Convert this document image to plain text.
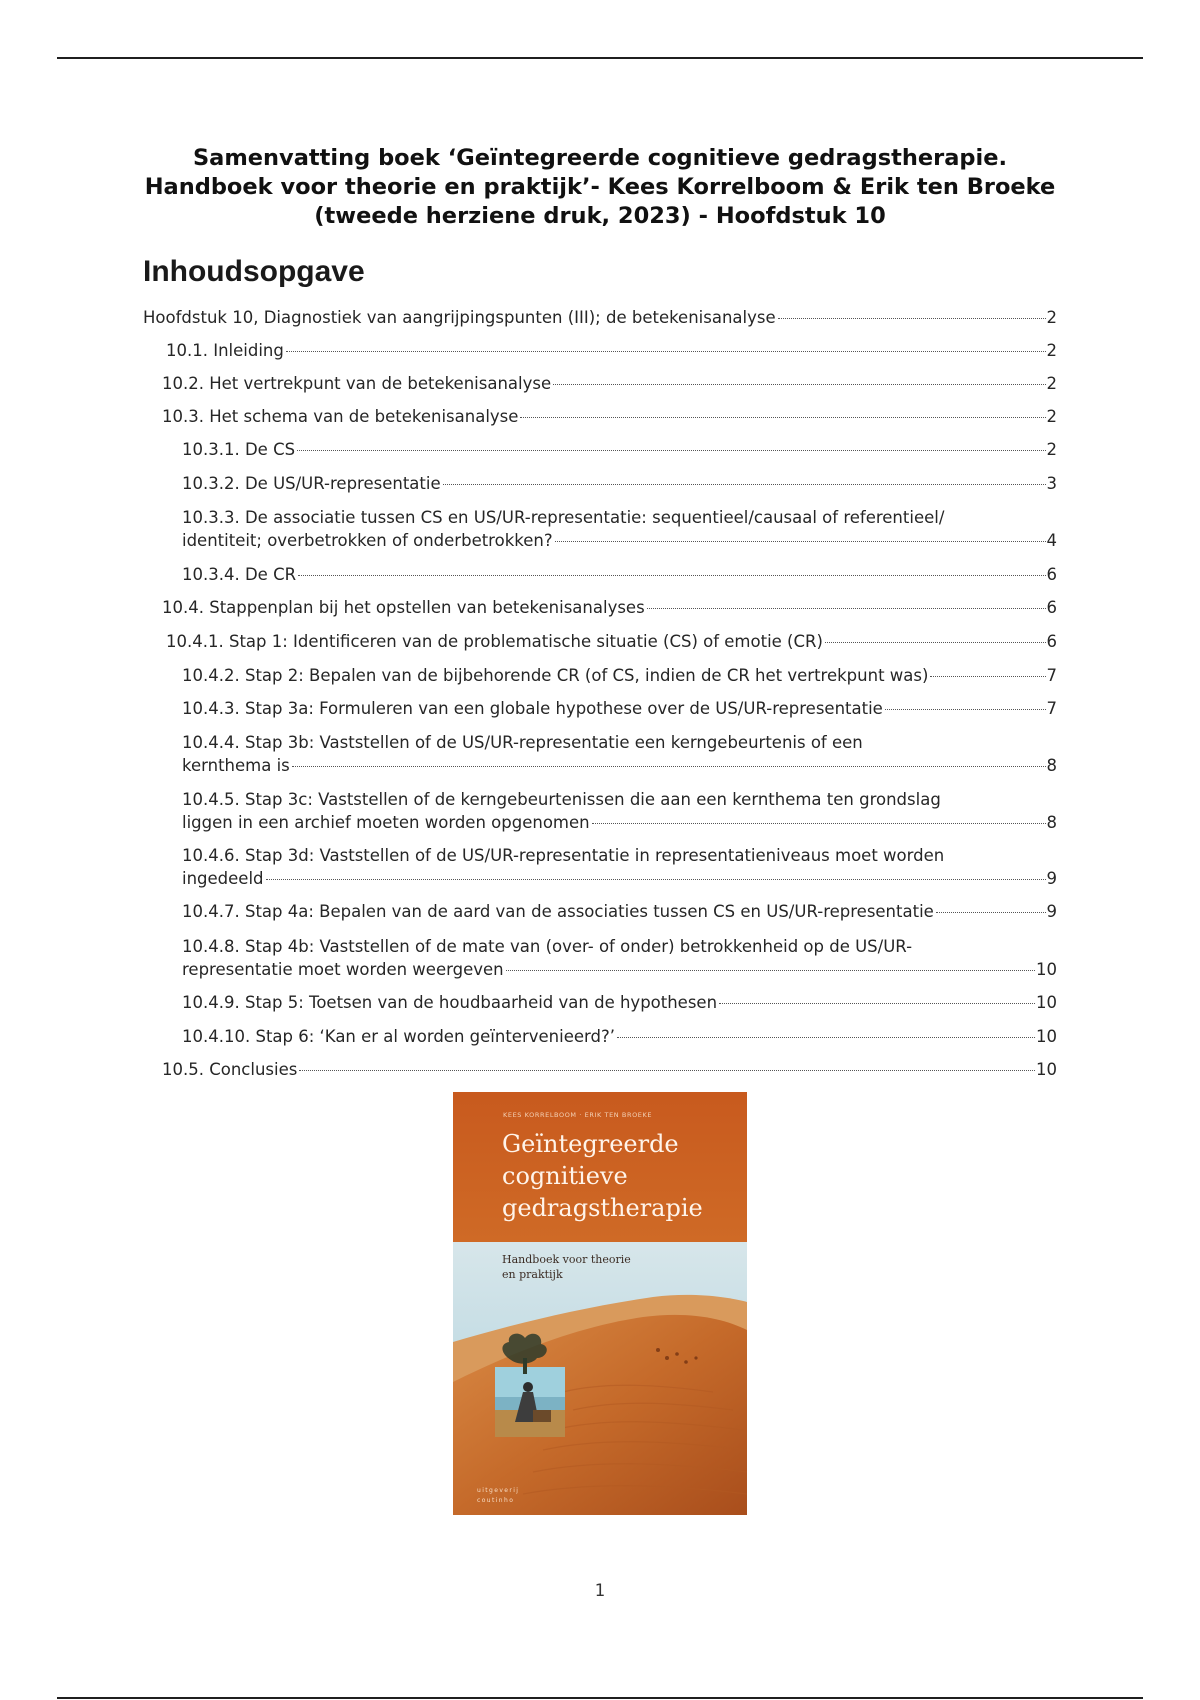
Samenvatting boek ‘Geïntegreerde cognitieve gedragstherapie.
Handboek voor theorie en praktijk’- Kees Korrelboom & Erik ten Broeke
(tweede herziene druk, 2023) - Hoofdstuk 10
Inhoudsopgave
Hoofdstuk 10, Diagnostiek van aangrijpingspunten (III); de betekenisanalyse	2
10.1. Inleiding	2
10.2. Het vertrekpunt van de betekenisanalyse	2
10.3. Het schema van de betekenisanalyse	2
10.3.1. De CS	2
10.3.2. De US/UR-representatie	3
10.3.3. De associatie tussen CS en US/UR-representatie: sequentieel/causaal of referentieel/
identiteit; overbetrokken of onderbetrokken?	4
10.3.4. De CR	6
10.4. Stappenplan bij het opstellen van betekenisanalyses	6
10.4.1. Stap 1: Identificeren van de problematische situatie (CS) of emotie (CR)	6
10.4.2. Stap 2: Bepalen van de bijbehorende CR (of CS, indien de CR het vertrekpunt was)	7
10.4.3. Stap 3a: Formuleren van een globale hypothese over de US/UR-representatie	7
10.4.4. Stap 3b: Vaststellen of de US/UR-representatie een kerngebeurtenis of een
kernthema is	8
10.4.5. Stap 3c: Vaststellen of de kerngebeurtenissen die aan een kernthema ten grondslag
liggen in een archief moeten worden opgenomen	8
10.4.6. Stap 3d: Vaststellen of de US/UR-representatie in representatieniveaus moet worden
ingedeeld	9
10.4.7. Stap 4a: Bepalen van de aard van de associaties tussen CS en US/UR-representatie	9
10.4.8. Stap 4b: Vaststellen of de mate van (over- of onder) betrokkenheid op de US/UR-
representatie moet worden weergeven	10
10.4.9. Stap 5: Toetsen van de houdbaarheid van de hypothesen	10
10.4.10. Stap 6: ‘Kan er al worden geïntervenieerd?’	10
10.5. Conclusies	10
KEES KORRELBOOM · ERIK TEN BROEKE
Geïntegreerde
cognitieve
gedragstherapie
Handboek voor theorie
en praktijk
uitgeverij
coutinho
1
